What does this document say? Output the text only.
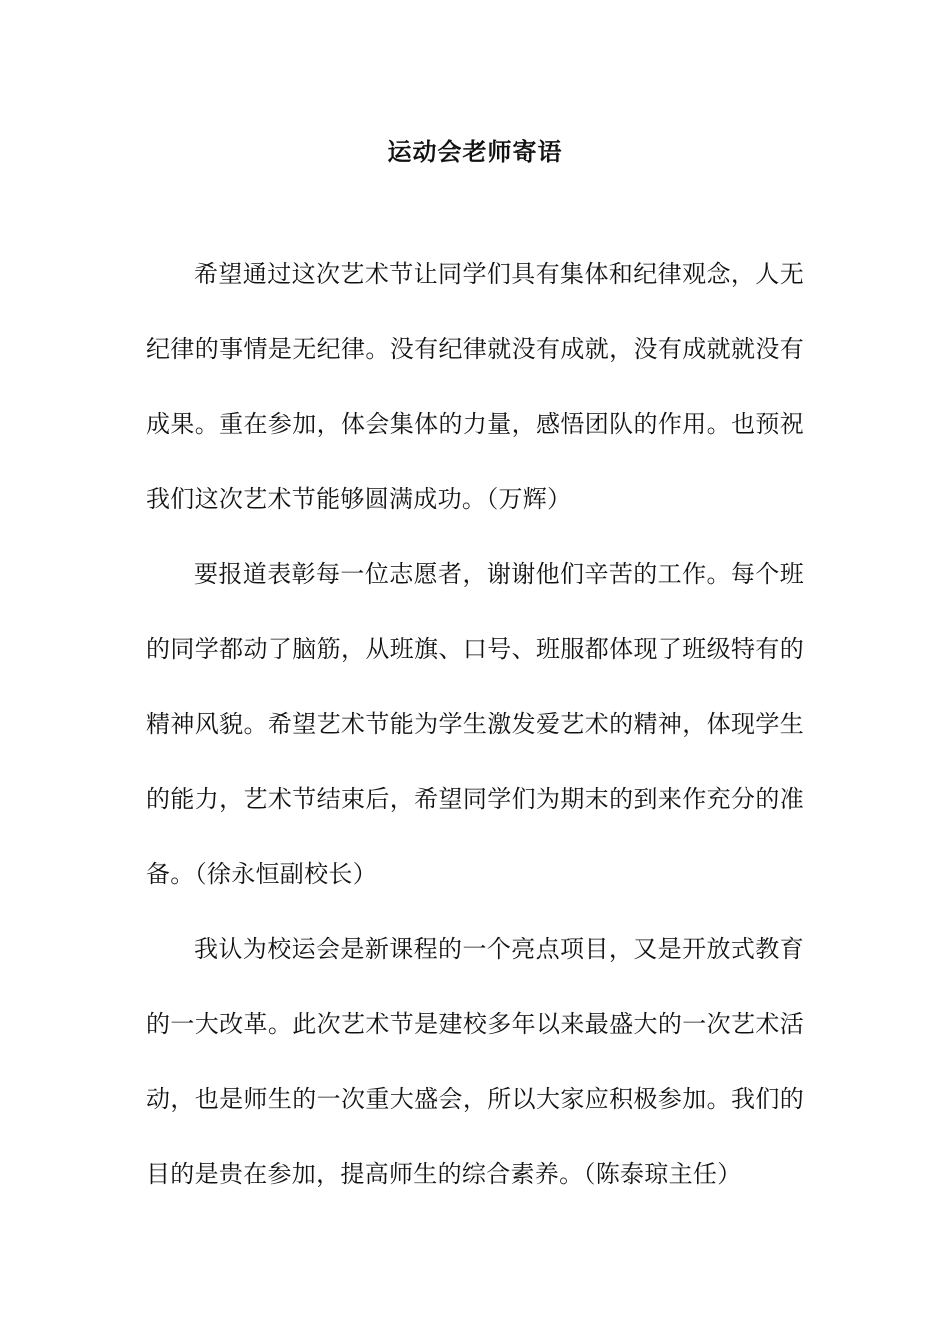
运动会老师寄语

希望通过这次艺术节让同学们具有集体和纪律观念，人无纪律的事情是无纪律。没有纪律就没有成就，没有成就就没有成果。重在参加，体会集体的力量，感悟团队的作用。也预祝我们这次艺术节能够圆满成功。（万辉）

要报道表彰每一位志愿者，谢谢他们辛苦的工作。每个班的同学都动了脑筋，从班旗、口号、班服都体现了班级特有的精神风貌。希望艺术节能为学生激发爱艺术的精神，体现学生的能力，艺术节结束后，希望同学们为期末的到来作充分的准备。（徐永恒副校长）

我认为校运会是新课程的一个亮点项目，又是开放式教育的一大改革。此次艺术节是建校多年以来最盛大的一次艺术活动，也是师生的一次重大盛会，所以大家应积极参加。我们的目的是贵在参加，提高师生的综合素养。（陈泰琼主任）
